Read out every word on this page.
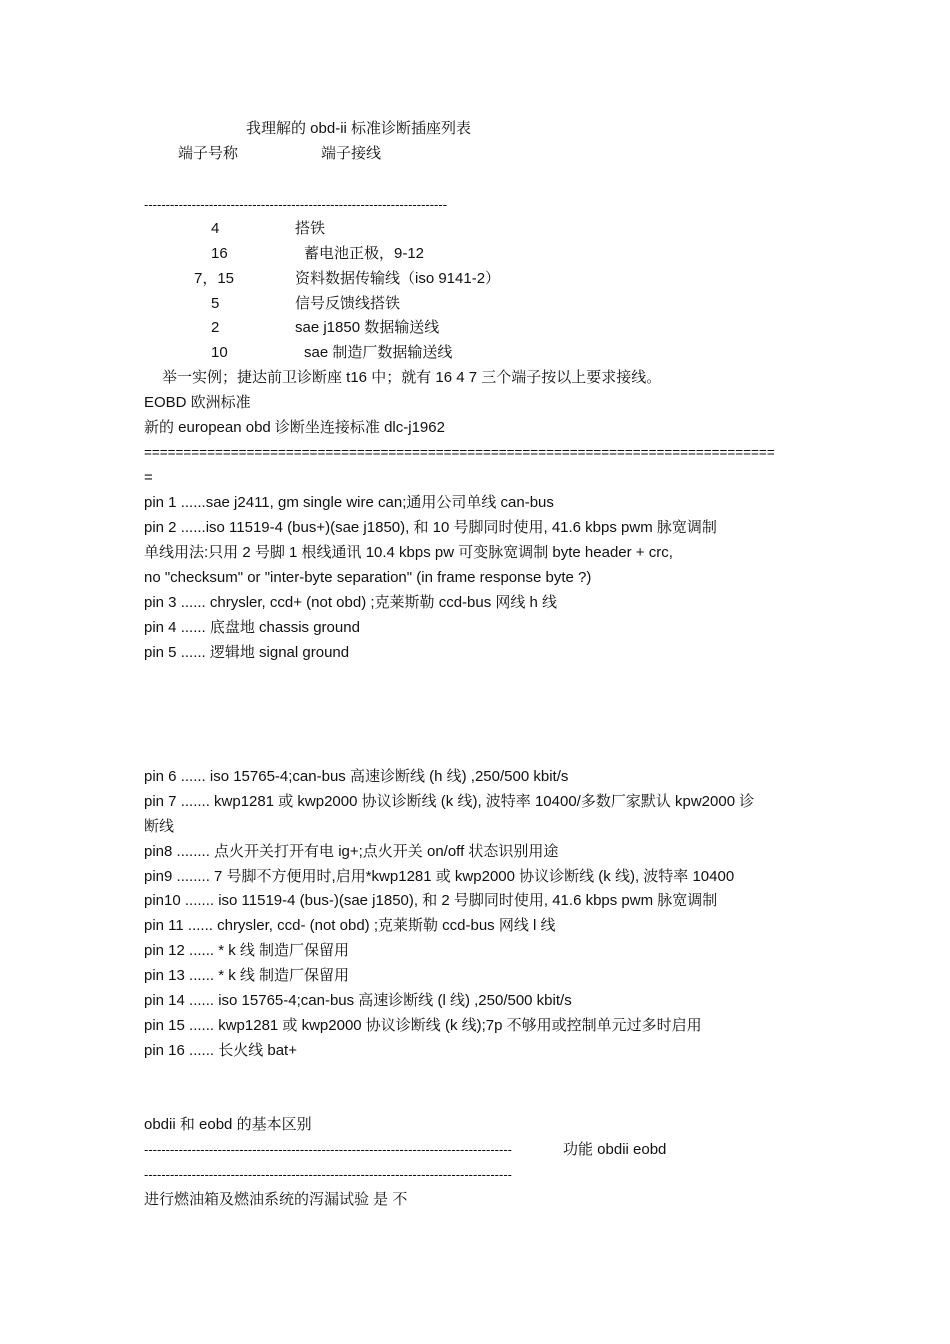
我理解的 obd-ii 标准诊断插座列表
端子号称	端子接线
----------------------------------------------------------------------
4	搭铁
16	蓄电池正极，9-12
7，15	资料数据传输线（iso 9141-2）
5	信号反馈线搭铁
2	sae j1850 数据输送线
10	sae 制造厂数据输送线
举一实例；捷达前卫诊断座 t16 中；就有 16 4 7 三个端子按以上要求接线。
EOBD 欧洲标准
新的 european obd 诊断坐连接标准 dlc-j1962
================================================================================
=
pin 1 ......sae j2411, gm single wire can;通用公司单线 can-bus
pin 2 ......iso 11519-4 (bus+)(sae j1850), 和 10 号脚同时使用, 41.6 kbps pwm 脉宽调制
单线用法:只用 2 号脚 1 根线通讯 10.4 kbps pw 可变脉宽调制 byte header + crc,
no "checksum" or "inter-byte separation" (in frame response byte ?)
pin 3 ...... chrysler, ccd+ (not obd) ;克莱斯勒 ccd-bus 网线 h 线
pin 4 ...... 底盘地 chassis ground
pin 5 ...... 逻辑地 signal ground
pin 6 ...... iso 15765-4;can-bus 高速诊断线 (h 线) ,250/500 kbit/s
pin 7 ....... kwp1281 或 kwp2000 协议诊断线 (k 线), 波特率 10400/多数厂家默认 kpw2000 诊
断线
pin8 ........ 点火开关打开有电 ig+;点火开关 on/off 状态识别用途
pin9 ........ 7 号脚不方便用时,启用*kwp1281 或 kwp2000 协议诊断线 (k 线), 波特率 10400
pin10 ....... iso 11519-4 (bus-)(sae j1850), 和 2 号脚同时使用, 41.6 kbps pwm 脉宽调制
pin 11 ...... chrysler, ccd- (not obd) ;克莱斯勒 ccd-bus 网线 l 线
pin 12 ...... * k 线 制造厂保留用
pin 13 ...... * k 线 制造厂保留用
pin 14 ...... iso 15765-4;can-bus 高速诊断线 (l 线) ,250/500 kbit/s
pin 15 ...... kwp1281 或 kwp2000 协议诊断线 (k 线);7p 不够用或控制单元过多时启用
pin 16 ...... 长火线 bat+
obdii 和 eobd 的基本区别
-------------------------------------------------------------------------------------	功能 obdii eobd
-------------------------------------------------------------------------------------
进行燃油箱及燃油系统的泻漏试验 是 不
